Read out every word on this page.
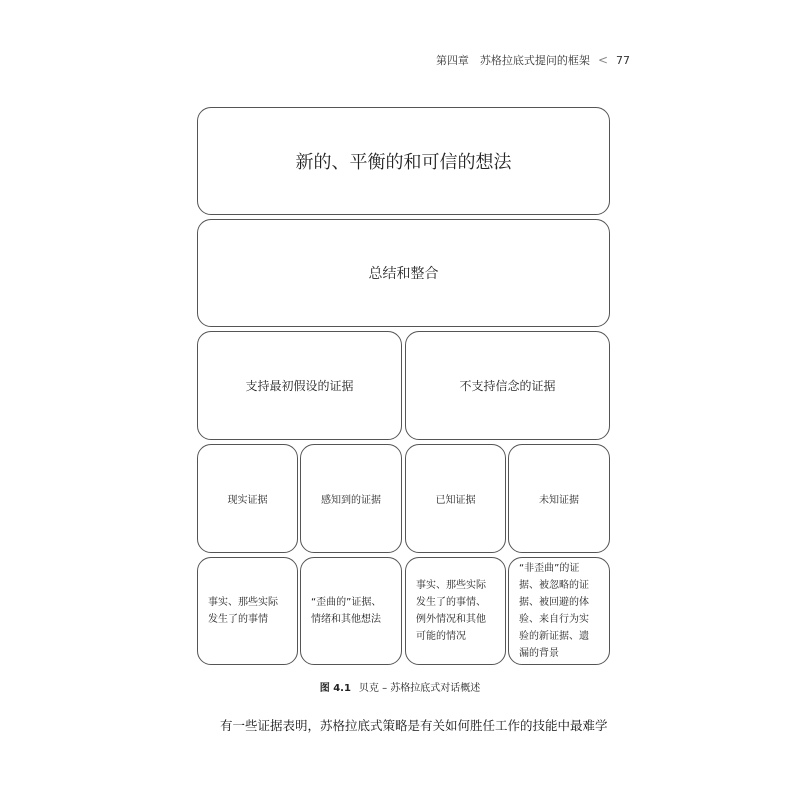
第四章　苏格拉底式提问的框架 < 77
新的、平衡的和可信的想法
总结和整合
支持最初假设的证据	不支持信念的证据
现实证据	感知到的证据	已知证据	未知证据
事实、那些实际
发生了的事情
“歪曲的”证据、
情绪和其他想法
事实、那些实际
发生了的事情、
例外情况和其他
可能的情况
“非歪曲”的证
据、被忽略的证
据、被回避的体
验、来自行为实
验的新证据、遗
漏的背景
图 4.1 贝克 – 苏格拉底式对话概述
有一些证据表明，苏格拉底式策略是有关如何胜任工作的技能中最难学
